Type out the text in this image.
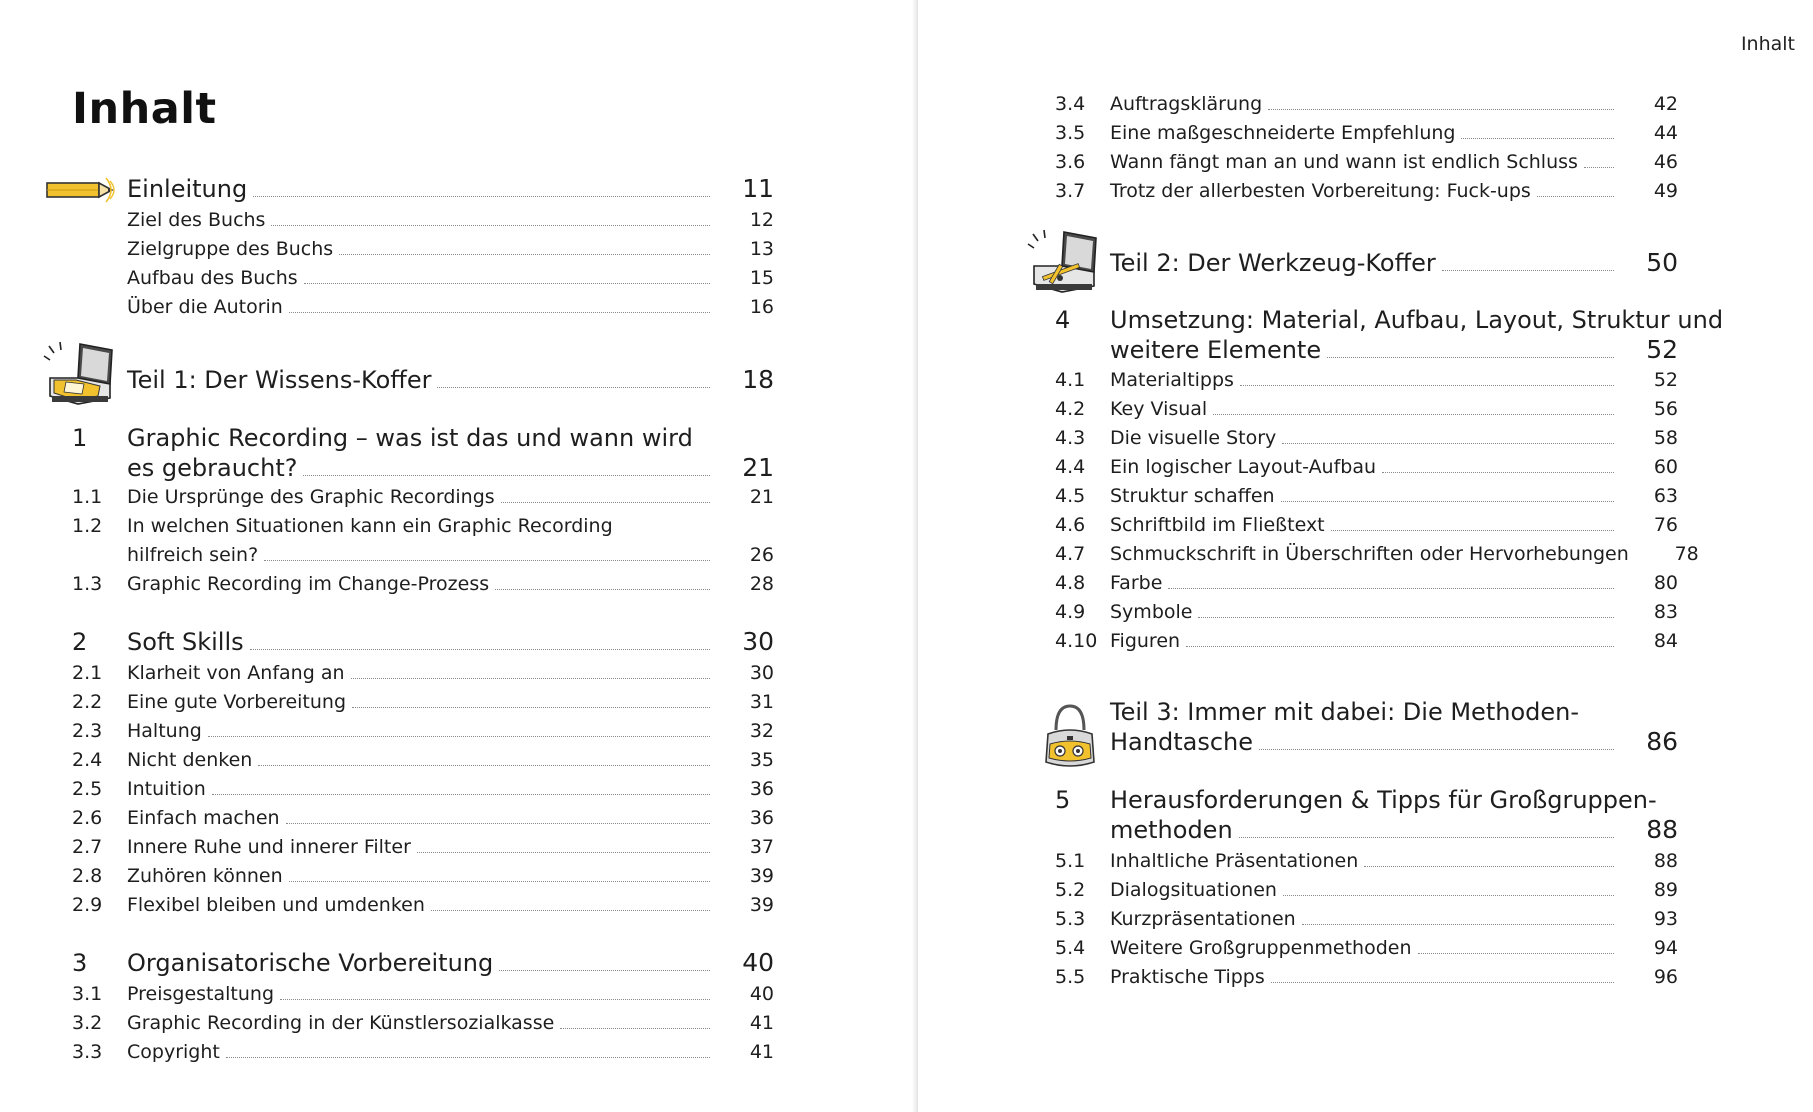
Inhalt
Einleitung	11
Ziel des Buchs	12
Zielgruppe des Buchs	13
Aufbau des Buchs	15
Über die Autorin	16
Teil 1: Der Wissens-Koffer	18
1	Graphic Recording – was ist das und wann wird
es gebraucht?	21
1.1	Die Ursprünge des Graphic Recordings	21
1.2	In welchen Situationen kann ein Graphic Recording
hilfreich sein?	26
1.3	Graphic Recording im Change-Prozess	28
2	Soft Skills	30
2.1	Klarheit von Anfang an	30
2.2	Eine gute Vorbereitung	31
2.3	Haltung	32
2.4	Nicht denken	35
2.5	Intuition	36
2.6	Einfach machen	36
2.7	Innere Ruhe und innerer Filter	37
2.8	Zuhören können	39
2.9	Flexibel bleiben und umdenken	39
3	Organisatorische Vorbereitung	40
3.1	Preisgestaltung	40
3.2	Graphic Recording in der Künstlersozialkasse	41
3.3	Copyright	41
Inhalt
3.4	Auftragsklärung	42
3.5	Eine maßgeschneiderte Empfehlung	44
3.6	Wann fängt man an und wann ist endlich Schluss	46
3.7	Trotz der allerbesten Vorbereitung: Fuck-ups	49
Teil 2: Der Werkzeug-Koffer	50
4	Umsetzung: Material, Aufbau, Layout, Struktur und
weitere Elemente	52
4.1	Materialtipps	52
4.2	Key Visual	56
4.3	Die visuelle Story	58
4.4	Ein logischer Layout-Aufbau	60
4.5	Struktur schaffen	63
4.6	Schriftbild im Fließtext	76
4.7	Schmuckschrift in Überschriften oder Hervorhebungen	78
4.8	Farbe	80
4.9	Symbole	83
4.10 Figuren	84
Teil 3: Immer mit dabei: Die Methoden-
Handtasche	86
5	Herausforderungen & Tipps für Großgruppen-
methoden	88
5.1	Inhaltliche Präsentationen	88
5.2	Dialogsituationen	89
5.3	Kurzpräsentationen	93
5.4	Weitere Großgruppenmethoden	94
5.5	Praktische Tipps	96
